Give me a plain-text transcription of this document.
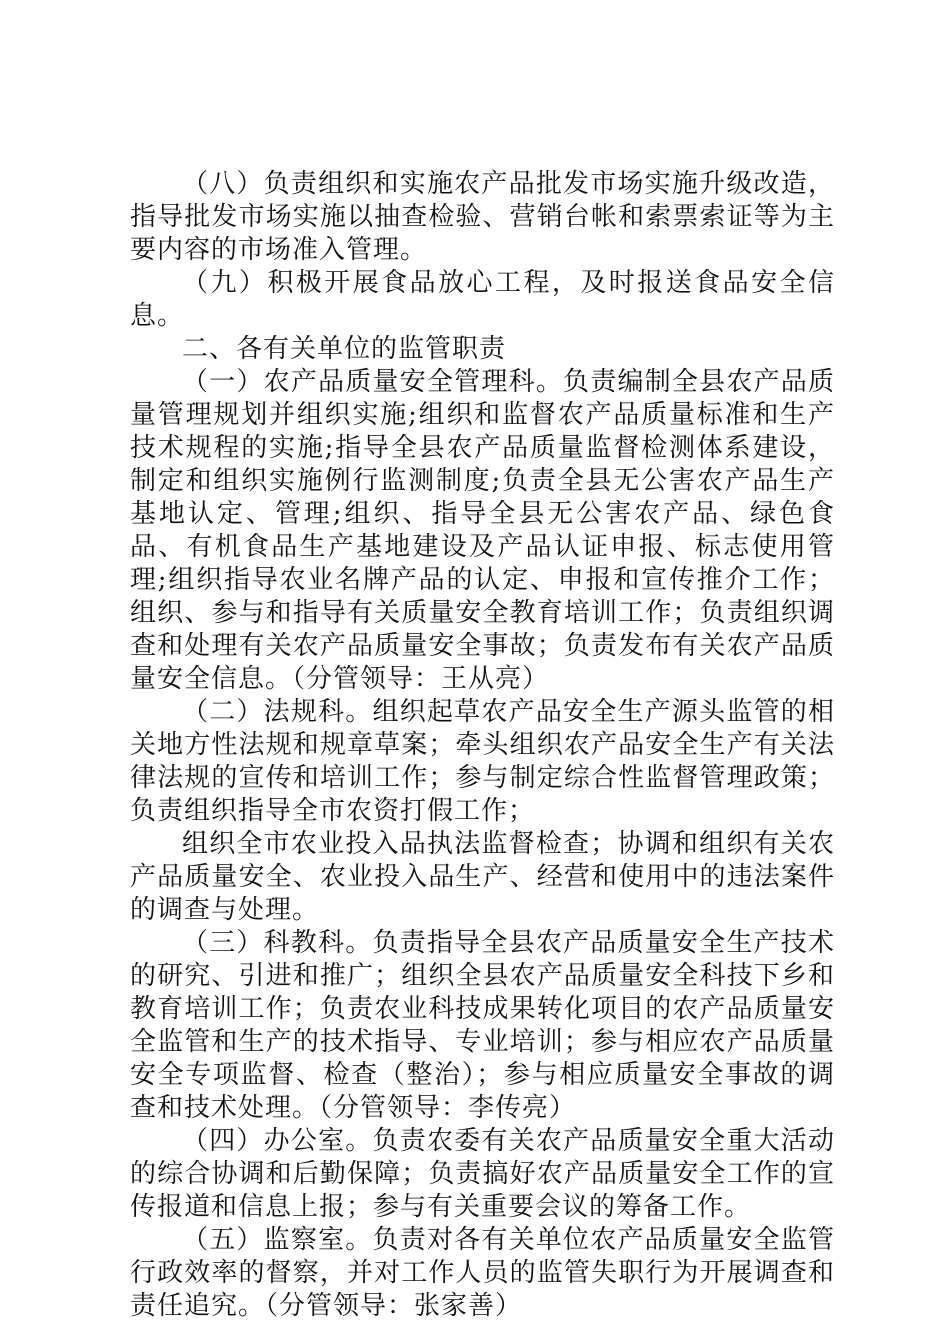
（八）负责组织和实施农产品批发市场实施升级改造，指导批发市场实施以抽查检验、营销台帐和索票索证等为主要内容的市场准入管理。

（九）积极开展食品放心工程，及时报送食品安全信息。

二、各有关单位的监管职责

（一）农产品质量安全管理科。负责编制全县农产品质量管理规划并组织实施;组织和监督农产品质量标准和生产技术规程的实施;指导全县农产品质量监督检测体系建设，制定和组织实施例行监测制度;负责全县无公害农产品生产基地认定、管理;组织、指导全县无公害农产品、绿色食品、有机食品生产基地建设及产品认证申报、标志使用管理;组织指导农业名牌产品的认定、申报和宣传推介工作；组织、参与和指导有关质量安全教育培训工作；负责组织调查和处理有关农产品质量安全事故；负责发布有关农产品质量安全信息。（分管领导：王从亮）

（二）法规科。组织起草农产品安全生产源头监管的相关地方性法规和规章草案；牵头组织农产品安全生产有关法律法规的宣传和培训工作；参与制定综合性监督管理政策；负责组织指导全市农资打假工作；

组织全市农业投入品执法监督检查；协调和组织有关农产品质量安全、农业投入品生产、经营和使用中的违法案件的调查与处理。

（三）科教科。负责指导全县农产品质量安全生产技术的研究、引进和推广；组织全县农产品质量安全科技下乡和教育培训工作；负责农业科技成果转化项目的农产品质量安全监管和生产的技术指导、专业培训；参与相应农产品质量安全专项监督、检查（整治）；参与相应质量安全事故的调查和技术处理。（分管领导：李传亮）

（四）办公室。负责农委有关农产品质量安全重大活动的综合协调和后勤保障；负责搞好农产品质量安全工作的宣传报道和信息上报；参与有关重要会议的筹备工作。

（五）监察室。负责对各有关单位农产品质量安全监管行政效率的督察，并对工作人员的监管失职行为开展调查和责任追究。（分管领导：张家善）
